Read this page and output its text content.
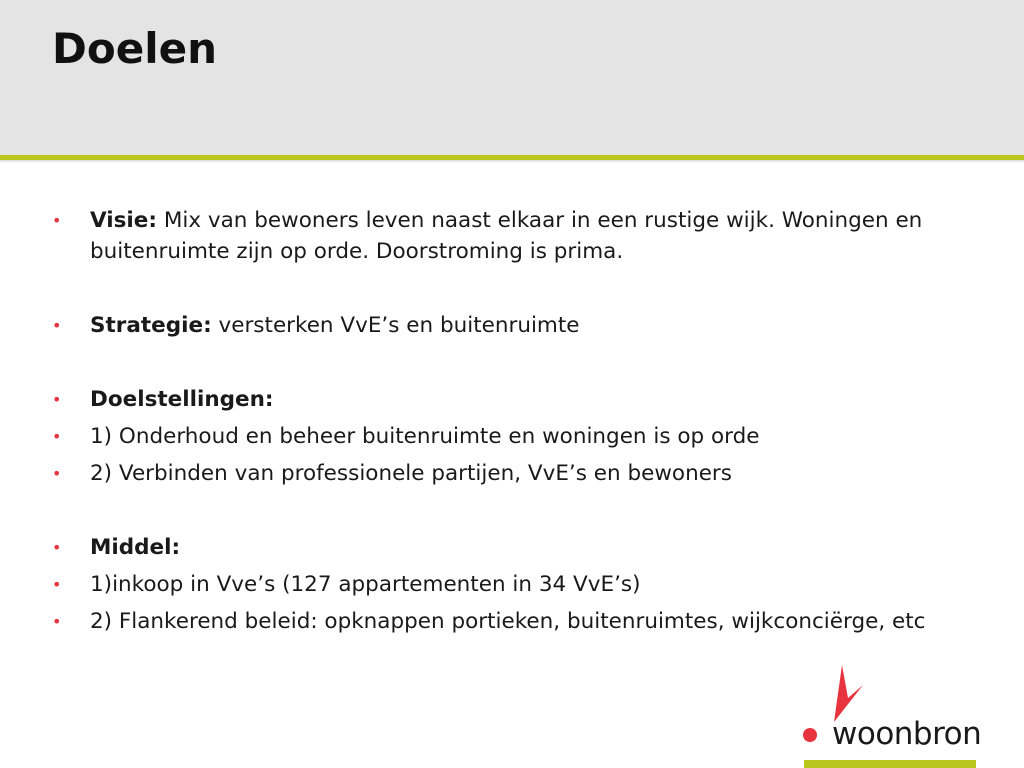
Doelen
• Visie: Mix van bewoners leven naast elkaar in een rustige wijk. Woningen en buitenruimte zijn op orde. Doorstroming is prima.
• Strategie: versterken VvE’s en buitenruimte
• Doelstellingen:
• 1) Onderhoud en beheer buitenruimte en woningen is op orde
• 2) Verbinden van professionele partijen, VvE’s en bewoners
• Middel:
• 1)inkoop in Vve’s (127 appartementen in 34 VvE’s)
• 2) Flankerend beleid: opknappen portieken, buitenruimtes, wijkconciërge, etc
woonbron
